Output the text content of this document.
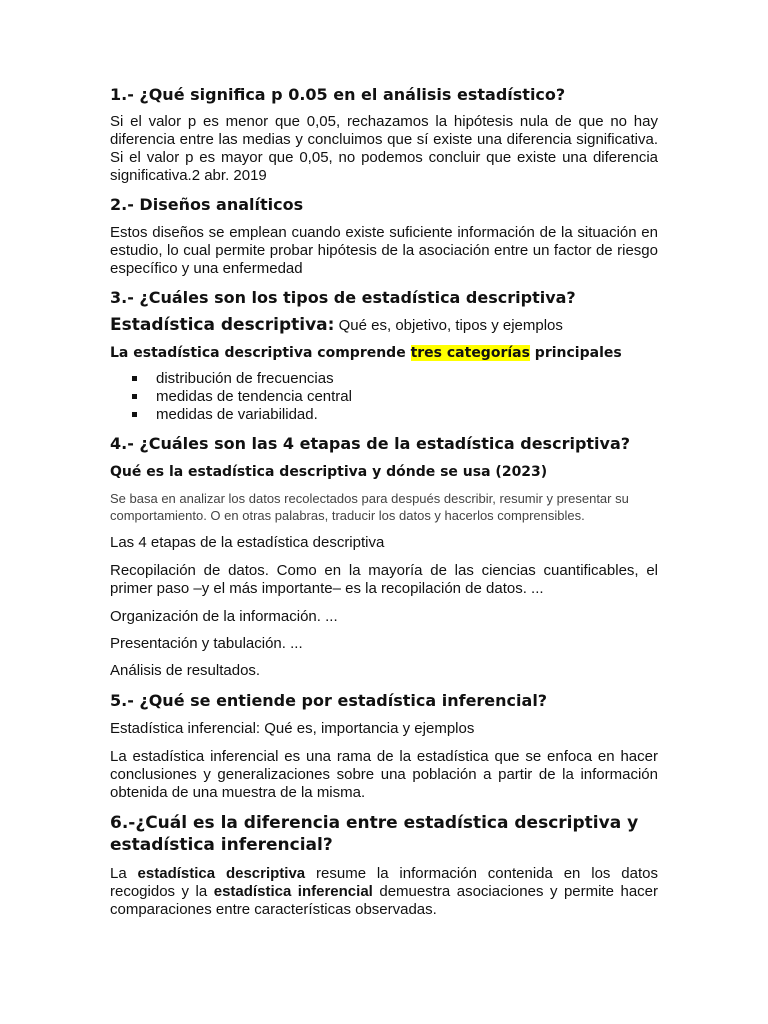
1.- ¿Qué significa p 0.05 en el análisis estadístico?

Si el valor p es menor que 0,05, rechazamos la hipótesis nula de que no hay diferencia entre las medias y concluimos que sí existe una diferencia significativa. Si el valor p es mayor que 0,05, no podemos concluir que existe una diferencia significativa.2 abr. 2019

2.- Diseños analíticos

Estos diseños se emplean cuando existe suficiente información de la situación en estudio, lo cual permite probar hipótesis de la asociación entre un factor de riesgo específico y una enfermedad

3.- ¿Cuáles son los tipos de estadística descriptiva?

Estadística descriptiva: Qué es, objetivo, tipos y ejemplos

La estadística descriptiva comprende tres categorías principales

distribución de frecuencias
medidas de tendencia central
medidas de variabilidad.

4.- ¿Cuáles son las 4 etapas de la estadística descriptiva?

Qué es la estadística descriptiva y dónde se usa (2023)

Se basa en analizar los datos recolectados para después describir, resumir y presentar su comportamiento. O en otras palabras, traducir los datos y hacerlos comprensibles.

Las 4 etapas de la estadística descriptiva

Recopilación de datos. Como en la mayoría de las ciencias cuantificables, el primer paso –y el más importante– es la recopilación de datos. ...

Organización de la información. ...

Presentación y tabulación. ...

Análisis de resultados.

5.- ¿Qué se entiende por estadística inferencial?

Estadística inferencial: Qué es, importancia y ejemplos

La estadística inferencial es una rama de la estadística que se enfoca en hacer conclusiones y generalizaciones sobre una población a partir de la información obtenida de una muestra de la misma.

6.-¿Cuál es la diferencia entre estadística descriptiva y
estadística inferencial?

La estadística descriptiva resume la información contenida en los datos recogidos y la estadística inferencial demuestra asociaciones y permite hacer comparaciones entre características observadas.
